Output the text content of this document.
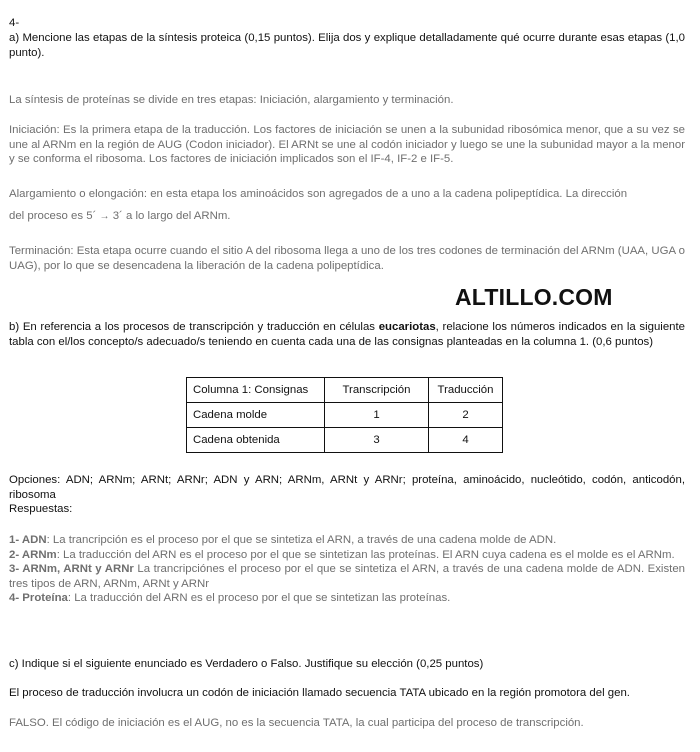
4-
a) Mencione las etapas de la síntesis proteica (0,15 puntos). Elija dos y explique detalladamente qué ocurre durante esas etapas (1,0 punto).
La síntesis de proteínas se divide en tres etapas: Iniciación, alargamiento y terminación.
Iniciación: Es la primera etapa de la traducción. Los factores de iniciación se unen a la subunidad ribosómica menor, que a su vez se une al ARNm en la región de AUG (Codon iniciador). El ARNt se une al codón iniciador y luego se une la subunidad mayor a la menor y se conforma el ribosoma. Los factores de iniciación implicados son el IF-4, IF-2 e IF-5.
Alargamiento o elongación: en esta etapa los aminoácidos son agregados de a uno a la cadena polipeptídica. La dirección
del proceso es 5´ → 3´ a lo largo del ARNm.
Terminación: Esta etapa ocurre cuando el sitio A del ribosoma llega a uno de los tres codones de terminación del ARNm (UAA, UGA o UAG), por lo que se desencadena la liberación de la cadena polipeptídica.
ALTILLO.COM
b) En referencia a los procesos de transcripción y traducción en células eucariotas, relacione los números indicados en la siguiente tabla con el/los concepto/s adecuado/s teniendo en cuenta cada una de las consignas planteadas en la columna 1. (0,6 puntos)
Columna 1: Consignas	Transcripción	Traducción
Cadena molde	1	2
Cadena obtenida	3	4
Opciones: ADN; ARNm; ARNt; ARNr; ADN y ARN; ARNm, ARNt y ARNr; proteína, aminoácido, nucleótido, codón, anticodón, ribosoma
Respuestas:

1- ADN: La trancripción es el proceso por el que se sintetiza el ARN, a través de una cadena molde de ADN.

2- ARNm: La traducción del ARN es el proceso por el que se sintetizan las proteínas. El ARN cuya cadena es el molde es el ARNm.

3- ARNm, ARNt y ARNr La trancripciónes el proceso por el que se sintetiza el ARN, a través de una cadena molde de ADN. Existen tres tipos de ARN, ARNm, ARNt y ARNr

4- Proteína: La traducción del ARN es el proceso por el que se sintetizan las proteínas.

c) Indique si el siguiente enunciado es Verdadero o Falso. Justifique su elección (0,25 puntos)
El proceso de traducción involucra un codón de iniciación llamado secuencia TATA ubicado en la región promotora del gen.
FALSO. El código de iniciación es el AUG, no es la secuencia TATA, la cual participa del proceso de transcripción.
